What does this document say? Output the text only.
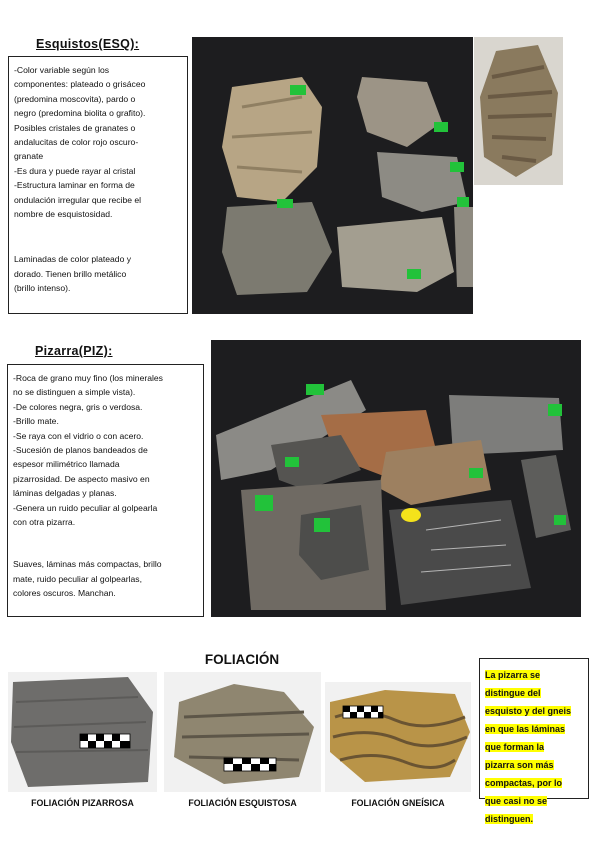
Esquistos(ESQ):

-Color variable según los

componentes: plateado o grisáceo

(predomina moscovita), pardo o

negro (predomina biolita o grafito).

Posibles cristales de granates o

andalucitas de color rojo oscuro-

granate

-Es dura y puede rayar al cristal

-Estructura laminar en forma de

ondulación irregular que recibe el

nombre de esquistosidad.

Laminadas de color plateado y

dorado. Tienen brillo metálico

(brillo intenso).

Pizarra(PIZ):

-Roca de grano muy fino (los minerales

no se distinguen a simple vista).

-De colores negra, gris o verdosa.

-Brillo mate.

-Se raya con el vidrio o con acero.

-Sucesión de planos bandeados de

espesor milimétrico llamada

pizarrosidad. De aspecto masivo en

láminas delgadas y planas.

-Genera un ruido peculiar al golpearla

con otra pizarra.

Suaves, láminas más compactas, brillo

mate, ruido peculiar al golpearlas,

colores oscuros. Manchan.

FOLIACIÓN
FOLIACIÓN PIZARROSA	FOLIACIÓN ESQUISTOSA	FOLIACIÓN GNEÍSICA

La pizarra se

distingue del

esquisto y del gneis

en que las láminas

que forman la

pizarra son más

compactas, por lo

que casi no se

distinguen.
